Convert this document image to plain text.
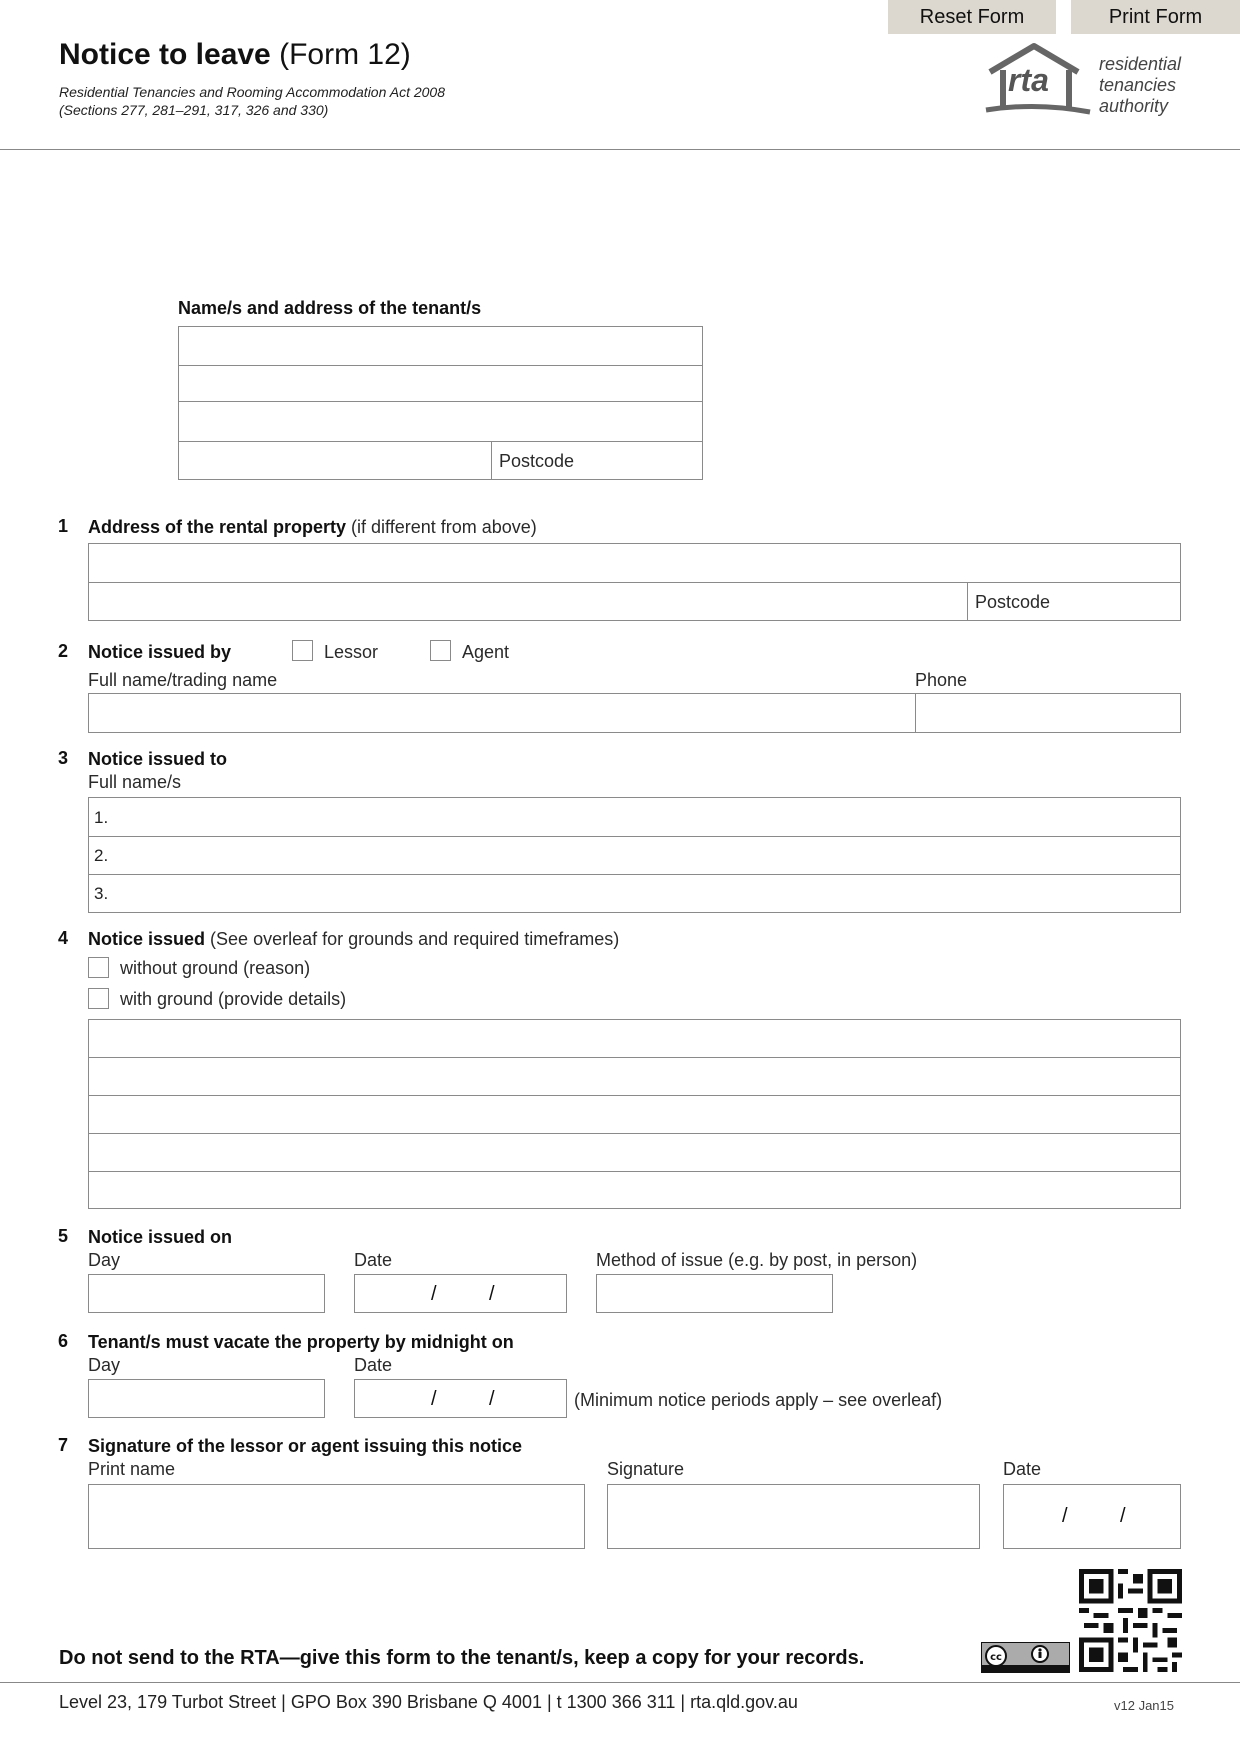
Reset Form	Print Form
Notice to leave (Form 12)
Residential Tenancies and Rooming Accommodation Act 2008
(Sections 277, 281–291, 317, 326 and 330)
rta	residential
tenancies
authority
Name/s and address of the tenant/s
Postcode
1 Address of the rental property (if different from above)
Postcode
2 Notice issued by	Lessor	Agent
Full name/trading name	Phone
3 Notice issued to
Full name/s
1.
2.
3.
4 Notice issued (See overleaf for grounds and required timeframes)
without ground (reason)
with ground (provide details)
5 Notice issued on
Day	Date	Method of issue (e.g. by post, in person)
/	/
6 Tenant/s must vacate the property by midnight on
Day	Date
/	/	(Minimum notice periods apply – see overleaf)
7 Signature of the lessor or agent issuing this notice
Print name	Signature	Date
/	/
cc
Do not send to the RTA—give this form to the tenant/s, keep a copy for your records.
Level 23, 179 Turbot Street | GPO Box 390 Brisbane Q 4001 | t 1300 366 311 | rta.qld.gov.au	v12 Jan15
